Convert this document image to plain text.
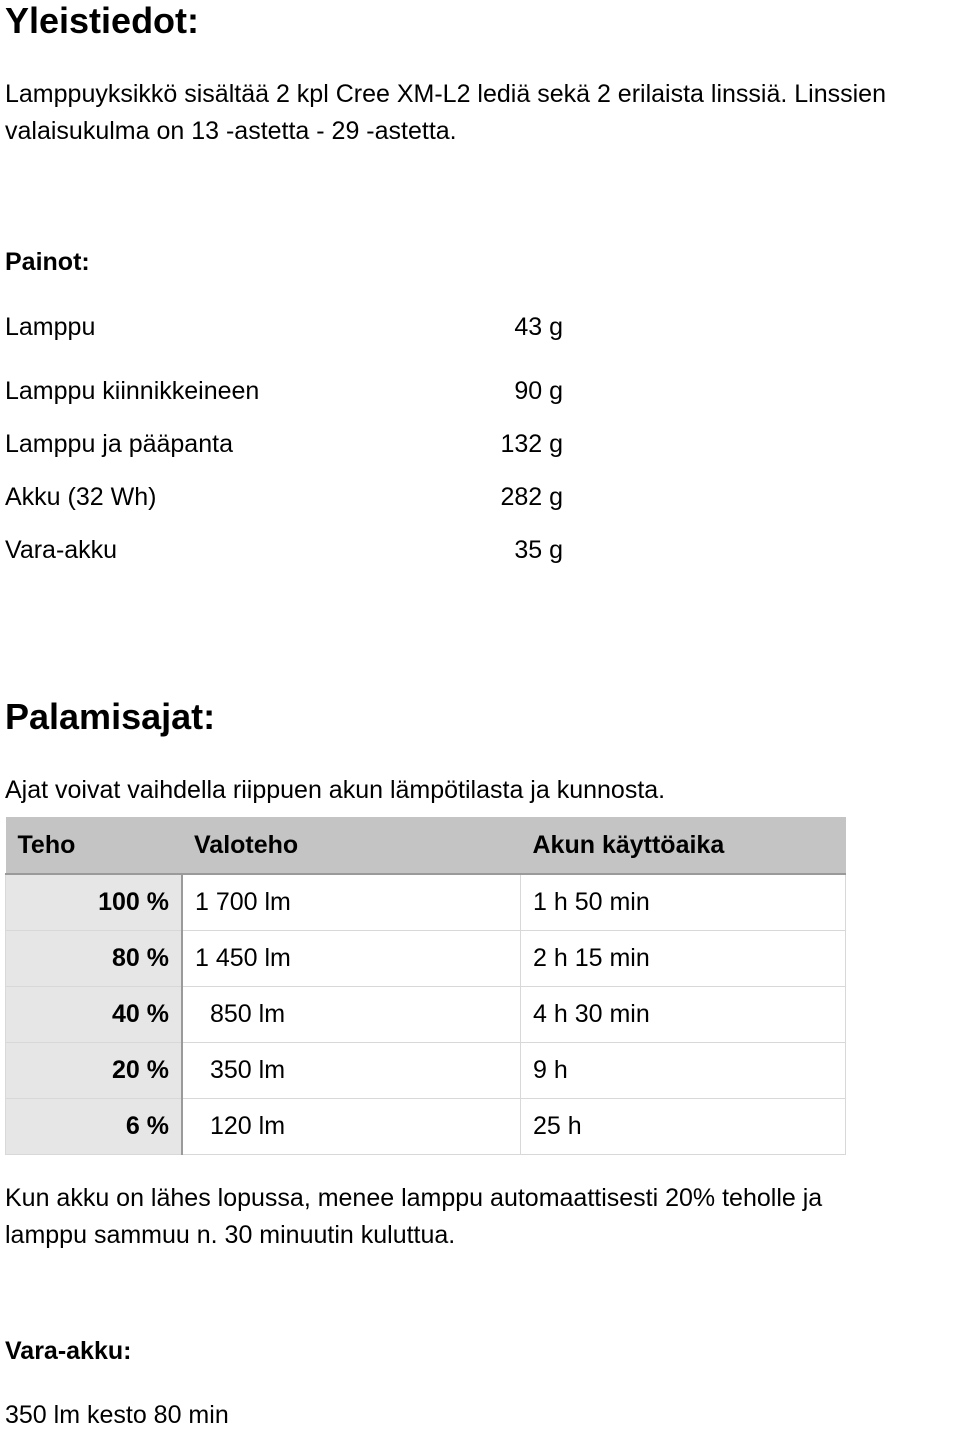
Yleistiedot:

Lamppuyksikkö sisältää 2 kpl Cree XM-L2 lediä sekä 2 erilaista linssiä. Linssien

valaisukulma on 13 -astetta - 29 -astetta.

Painot:
Lamppu	43 g
Lamppu kiinnikkeineen	90 g
Lamppu ja pääpanta	132 g
Akku (32 Wh)	282 g
Vara-akku	35 g
Palamisajat:

Ajat voivat vaihdella riippuen akun lämpötilasta ja kunnosta.

Teho	Valoteho	Akun käyttöaika
100 %	1 700 lm	1 h 50 min
80 %	1 450 lm	2 h 15 min
40 %	850 lm	4 h 30 min
20 %	350 lm	9 h
6 %	120 lm	25 h

Kun akku on lähes lopussa, menee lamppu automaattisesti 20% teholle ja

lamppu sammuu n. 30 minuutin kuluttua.

Vara-akku:

350 lm kesto 80 min
